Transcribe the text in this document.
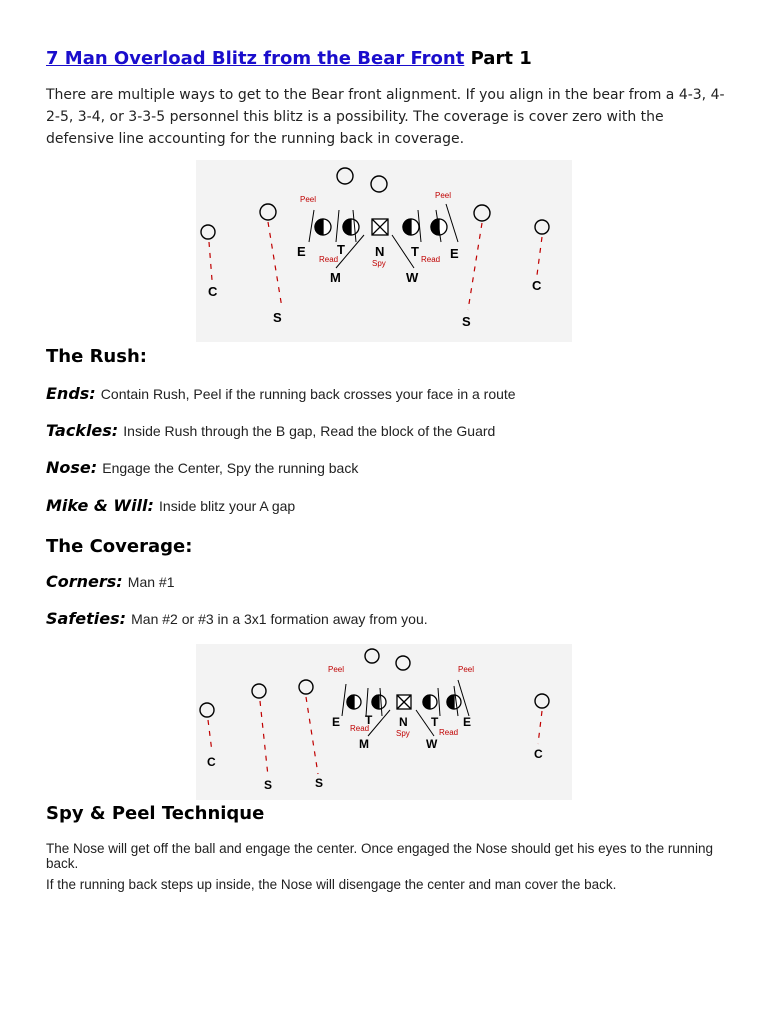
7 Man Overload Blitz from the Bear Front Part 1
There are multiple ways to get to the Bear front alignment. If you align in the bear from a 4-3, 4-2-5, 3-4, or 3-3-5 personnel this blitz is a possibility. The coverage is cover zero with the defensive line accounting for the running back in coverage.
E T N T E
M	W
C	C
S	S
Peel	Peel
Read	Read
Spy
The Rush:
Ends: Contain Rush, Peel if the running back crosses your face in a route
Tackles: Inside Rush through the B gap, Read the block of the Guard
Nose: Engage the Center, Spy the running back
Mike & Will: Inside blitz your A gap
The Coverage:
Corners: Man #1
Safeties: Man #2 or #3 in a 3x1 formation away from you.
E T N T E
M	W
C
C
S	S
Peel	Peel
Read	Read
Spy
Spy & Peel Technique
The Nose will get off the ball and engage the center. Once engaged the Nose should get his eyes to the running back.
If the running back steps up inside, the Nose will disengage the center and man cover the back.
